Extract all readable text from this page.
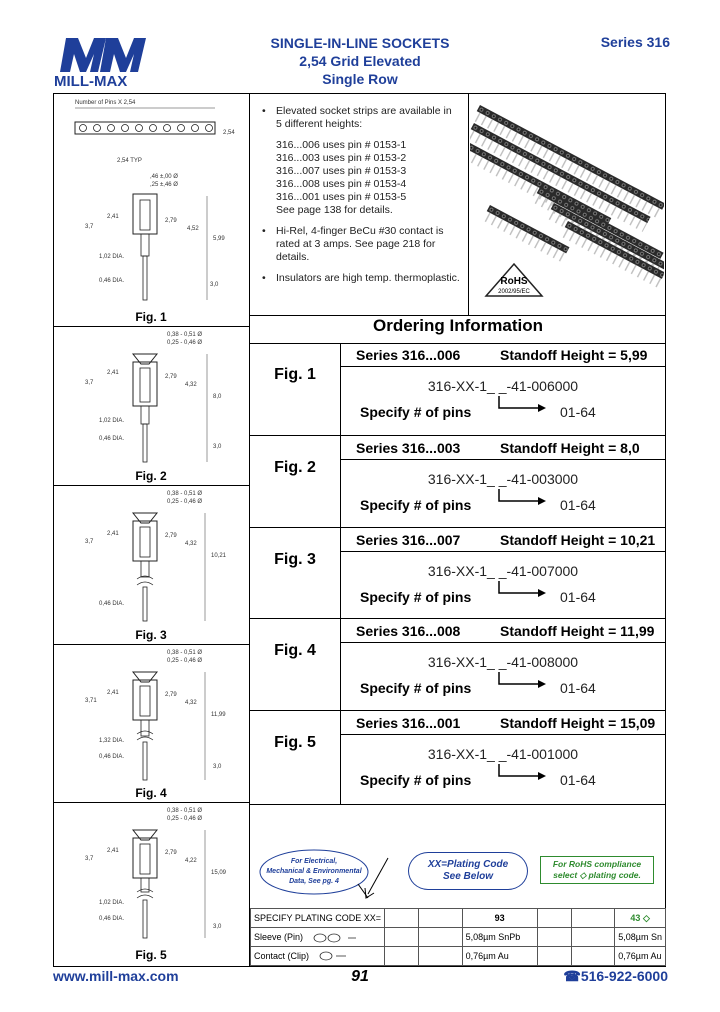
MILL-MAX
SINGLE-IN-LINE SOCKETS
2,54 Grid Elevated
Single Row
Series 316
Number of Pins X 2,54
2,54
2,54 TYP
,46 ±,00 Ø
,25 ±,46 Ø
2,41
3,7
2,79
4,52
5,99
1,02 DIA.
0,46 DIA.
3,0
Fig. 1
0,38 - 0,51 Ø
0,25 - 0,46 Ø
2,41
3,7
2,79
4,32
8,0
1,02 DIA.
0,46 DIA.
3,0
Fig. 2
0,38 - 0,51 Ø
0,25 - 0,46 Ø
2,41
3,7
2,79
4,32
10,21
0,46 DIA.
Fig. 3
0,38 - 0,51 Ø
0,25 - 0,46 Ø
2,41
3,71
2,79
4,32
11,99
1,32 DIA.
0,46 DIA.
3,0
Fig. 4
0,38 - 0,51 Ø
0,25 - 0,46 Ø
2,41
3,7
2,79
4,22
15,09
1,02 DIA.
0,46 DIA.
3,0
Fig. 5
• Elevated socket strips are available in
5 different heights:
316...006 uses pin # 0153-1
316...003 uses pin # 0153-2
316...007 uses pin # 0153-3
316...008 uses pin # 0153-4
316...001 uses pin # 0153-5
See page 138 for details.
• Hi-Rel, 4-finger BeCu #30 contact is
rated at 3 amps. See page 218 for
details.
• Insulators are high temp. thermoplastic.	RoHS
2002/95/EC
Ordering Information
Fig. 1
Series 316...006	Standoff Height = 5,99
316-XX-1_ _-41-006000
Specify # of pins	01-64
Fig. 2
Series 316...003	Standoff Height = 8,0
316-XX-1_ _-41-003000
Specify # of pins	01-64
Fig. 3
Series 316...007	Standoff Height = 10,21
316-XX-1_ _-41-007000
Specify # of pins	01-64
Fig. 4
Series 316...008	Standoff Height = 11,99
316-XX-1_ _-41-008000
Specify # of pins	01-64
Fig. 5
Series 316...001	Standoff Height = 15,09
316-XX-1_ _-41-001000
Specify # of pins	01-64
For Electrical,
Mechanical & Environmental
Data, See pg. 4
XX=Plating Code
See Below
For RoHS compliance
select ◇ plating code.
SPECIFY PLATING CODE XX=			93			43 ◇
Sleeve (Pin)			5,08µm SnPb			5,08µm Sn
Contact (Clip)			0,76µm Au			0,76µm Au
www.mill-max.com	91	☎516-922-6000
